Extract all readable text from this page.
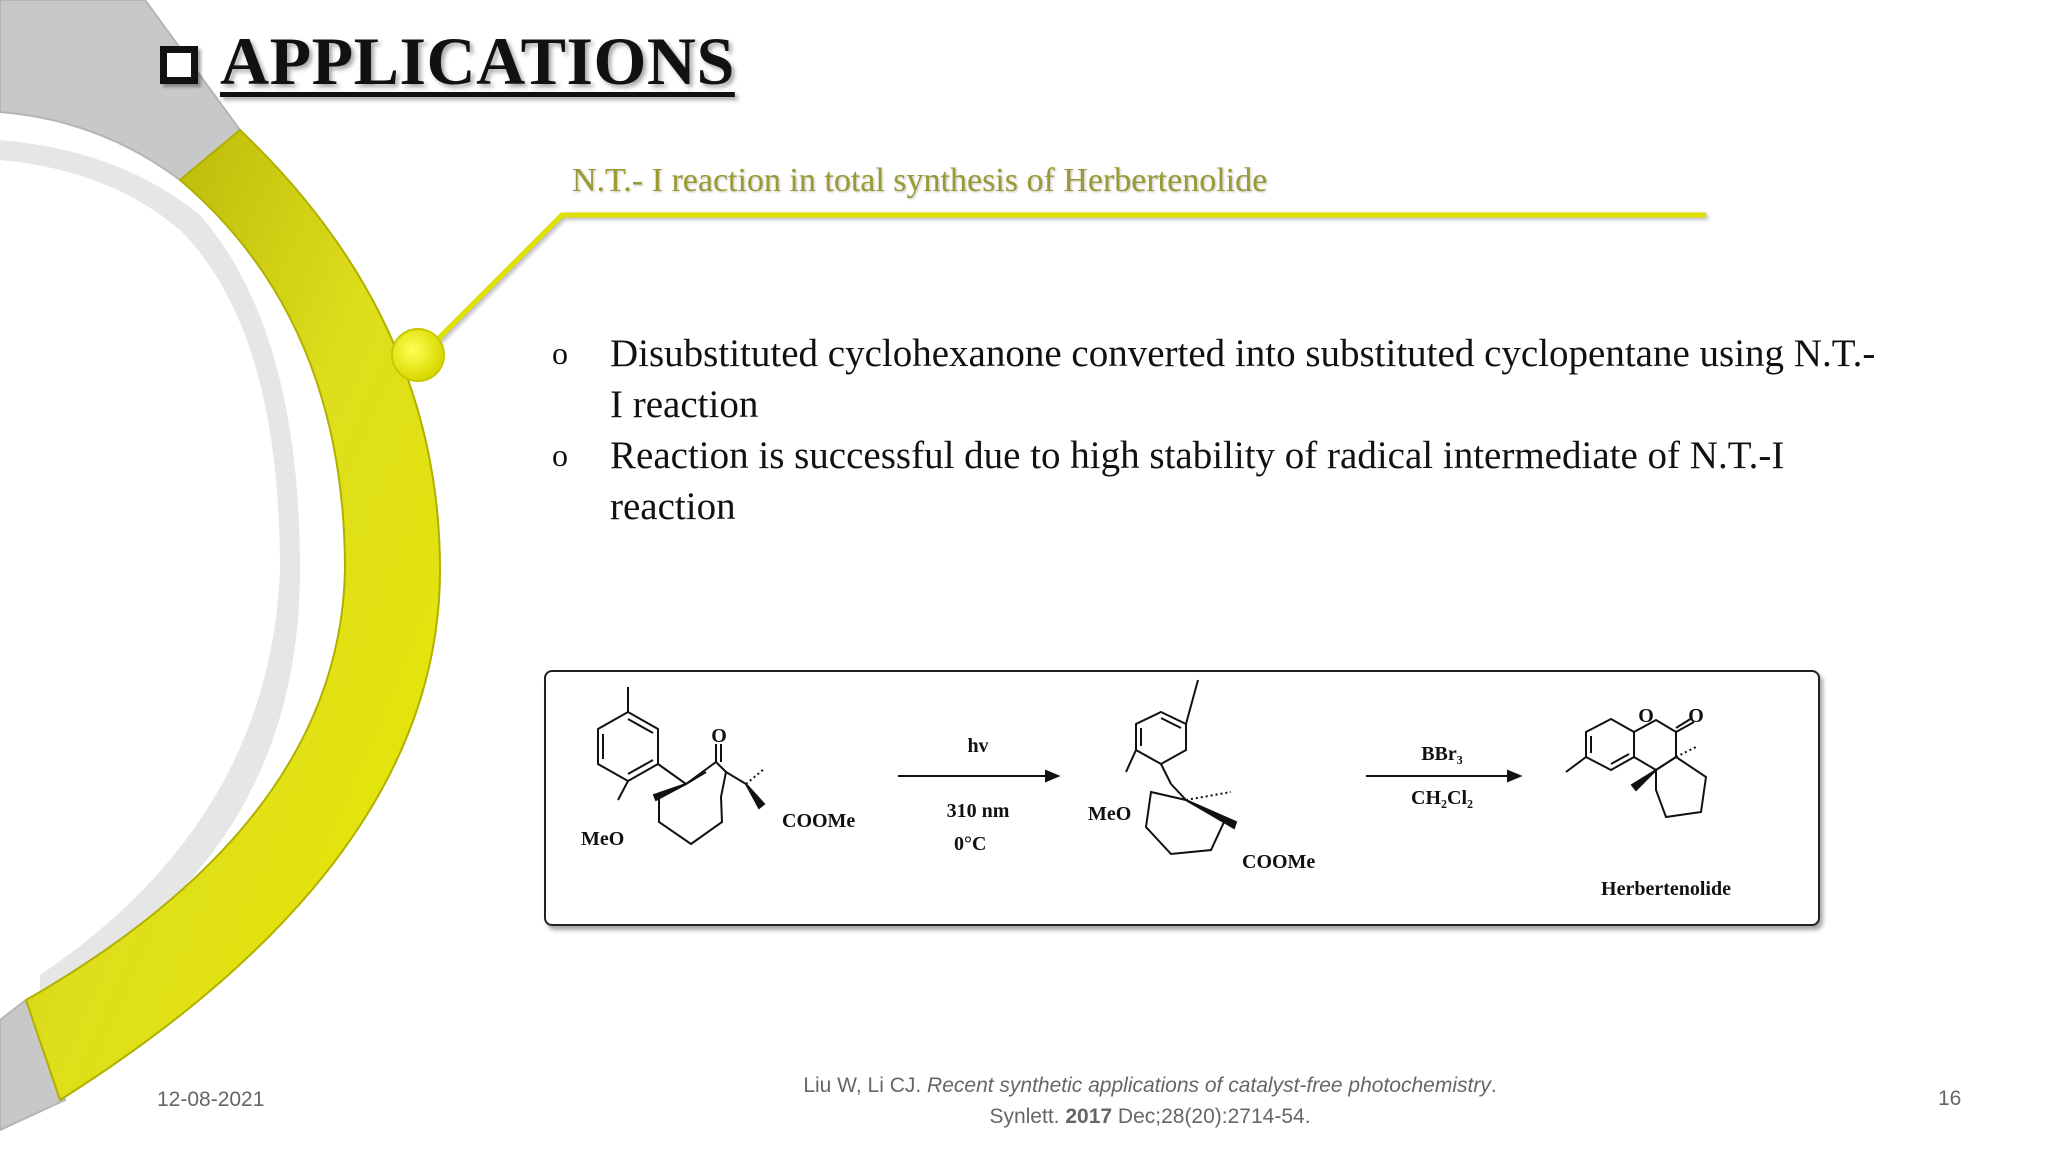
APPLICATIONS
N.T.- I reaction in total synthesis of Herbertenolide
o Disubstituted cyclohexanone converted into substituted cyclopentane using N.T.-I reaction
o Reaction is successful due to high stability of radical intermediate of N.T.-I reaction
O
MeO
COOMe
hv
310 nm
0°C
MeO
COOMe
BBr₃
CH₂Cl₂
O O
Herbertenolide
12-08-2021
Liu W, Li CJ. Recent synthetic applications of catalyst-free photochemistry.
Synlett. 2017 Dec;28(20):2714-54.
16
